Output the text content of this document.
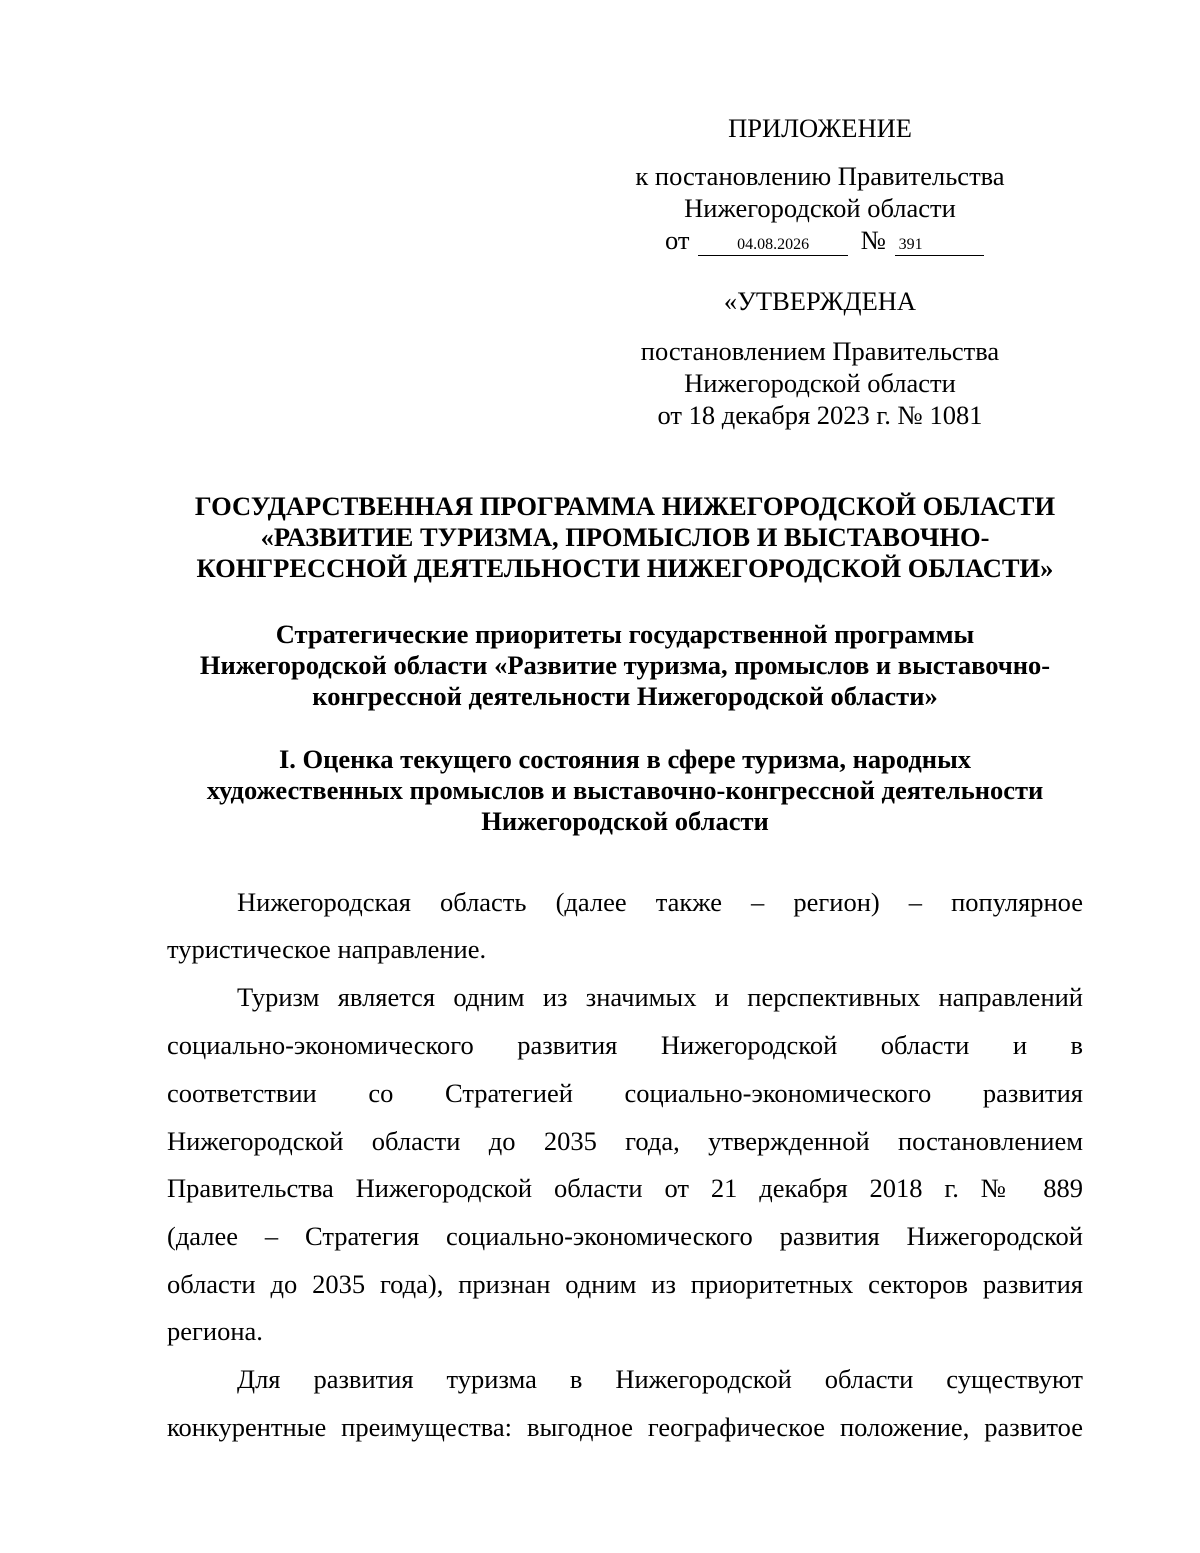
ПРИЛОЖЕНИЕ
к постановлению Правительства
Нижегородской области
от	04.08.2026 № 391
«УТВЕРЖДЕНА
постановлением Правительства
Нижегородской области
от 18 декабря 2023 г. № 1081
ГОСУДАРСТВЕННАЯ ПРОГРАММА НИЖЕГОРОДСКОЙ ОБЛАСТИ
«РАЗВИТИЕ ТУРИЗМА, ПРОМЫСЛОВ И ВЫСТАВОЧНО-
КОНГРЕССНОЙ ДЕЯТЕЛЬНОСТИ НИЖЕГОРОДСКОЙ ОБЛАСТИ»
Стратегические приоритеты государственной программы
Нижегородской области «Развитие туризма, промыслов и выставочно-
конгрессной деятельности Нижегородской области»
I. Оценка текущего состояния в сфере туризма, народных
художественных промыслов и выставочно-конгрессной деятельности
Нижегородской области
Нижегородская область (далее также – регион) – популярное
туристическое направление.
Туризм является одним из значимых и перспективных направлений
социально-экономического развития Нижегородской области и в
соответствии со Стратегией социально-экономического развития
Нижегородской области до 2035 года, утвержденной постановлением
Правительства Нижегородской области от 21 декабря 2018 г. № 889
(далее – Стратегия социально-экономического развития Нижегородской
области до 2035 года), признан одним из приоритетных секторов развития
региона.
Для развития туризма в Нижегородской области существуют
конкурентные преимущества: выгодное географическое положение, развитое
